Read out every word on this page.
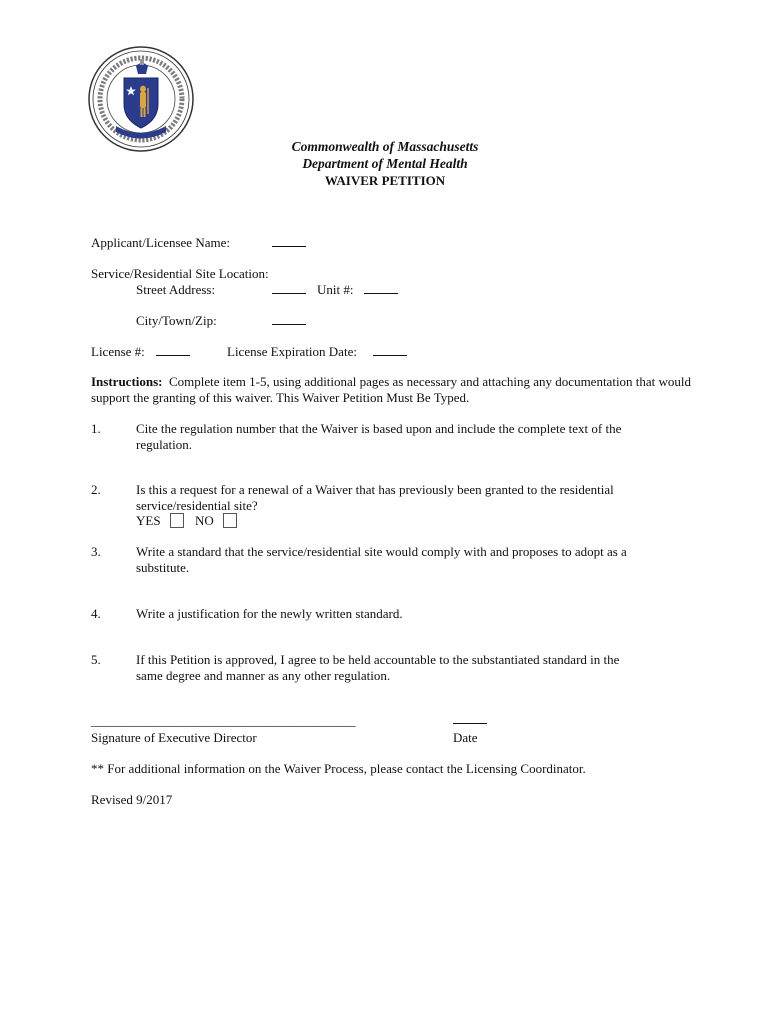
Commonwealth of Massachusetts
Department of Mental Health
WAIVER PETITION
Applicant/Licensee Name:
Service/Residential Site Location:
Street Address:	Unit #:
City/Town/Zip:
License #:	License Expiration Date:
Instructions: Complete item 1-5, using additional pages as necessary and attaching any documentation that would support the granting of this waiver. This Waiver Petition Must Be Typed.
1.	Cite the regulation number that the Waiver is based upon and include the complete text of the
regulation.
2.	Is this a request for a renewal of a Waiver that has previously been granted to the residential
service/residential site?
YES	NO
3.	Write a standard that the service/residential site would comply with and proposes to adopt as a
substitute.
4.	Write a justification for the newly written standard.
5.	If this Petition is approved, I agree to be held accountable to the substantiated standard in the
same degree and manner as any other regulation.
____________________________________________
Signature of Executive Director	Date
** For additional information on the Waiver Process, please contact the Licensing Coordinator.
Revised 9/2017
